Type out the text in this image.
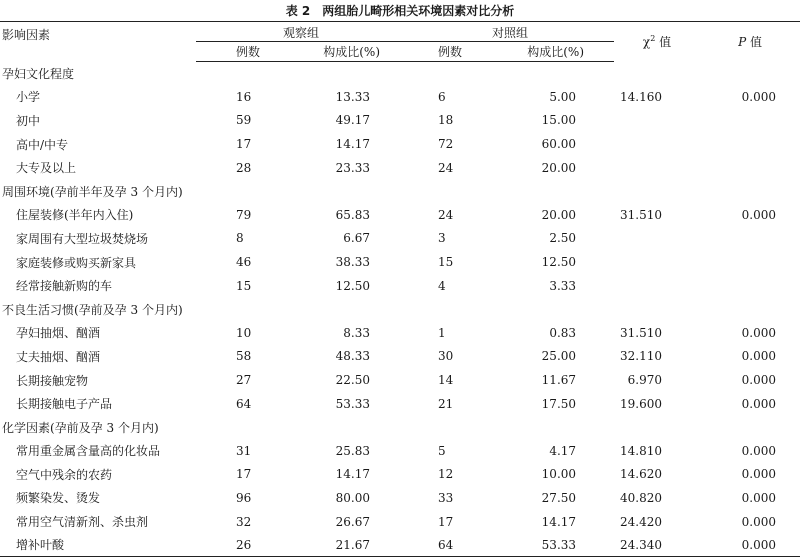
表 2 两组胎儿畸形相关环境因素对比分析
影响因素	观察组		对照组		$\chi^2$ 值	P 值
	例数	构成比(%)	例数	构成比(%)		
孕妇文化程度						
小学	16	13.33	6	5.00	14.160	0.000
初中	59	49.17	18	15.00		
高中/中专	17	14.17	72	60.00		
大专及以上	28	23.33	24	20.00		
周围环境(孕前半年及孕 3 个月内)						
住屋装修(半年内入住)	79	65.83	24	20.00	31.510	0.000
家周围有大型垃圾焚烧场	8	6.67	3	2.50		
家庭装修或购买新家具	46	38.33	15	12.50		
经常接触新购的车	15	12.50	4	3.33		
不良生活习惯(孕前及孕 3 个月内)						
孕妇抽烟、酗酒	10	8.33	1	0.83	31.510	0.000
丈夫抽烟、酗酒	58	48.33	30	25.00	32.110	0.000
长期接触宠物	27	22.50	14	11.67	6.970	0.000
长期接触电子产品	64	53.33	21	17.50	19.600	0.000
化学因素(孕前及孕 3 个月内)						
常用重金属含量高的化妆品	31	25.83	5	4.17	14.810	0.000
空气中残余的农药	17	14.17	12	10.00	14.620	0.000
频繁染发、烫发	96	80.00	33	27.50	40.820	0.000
常用空气清新剂、杀虫剂	32	26.67	17	14.17	24.420	0.000
增补叶酸	26	21.67	64	53.33	24.340	0.000
